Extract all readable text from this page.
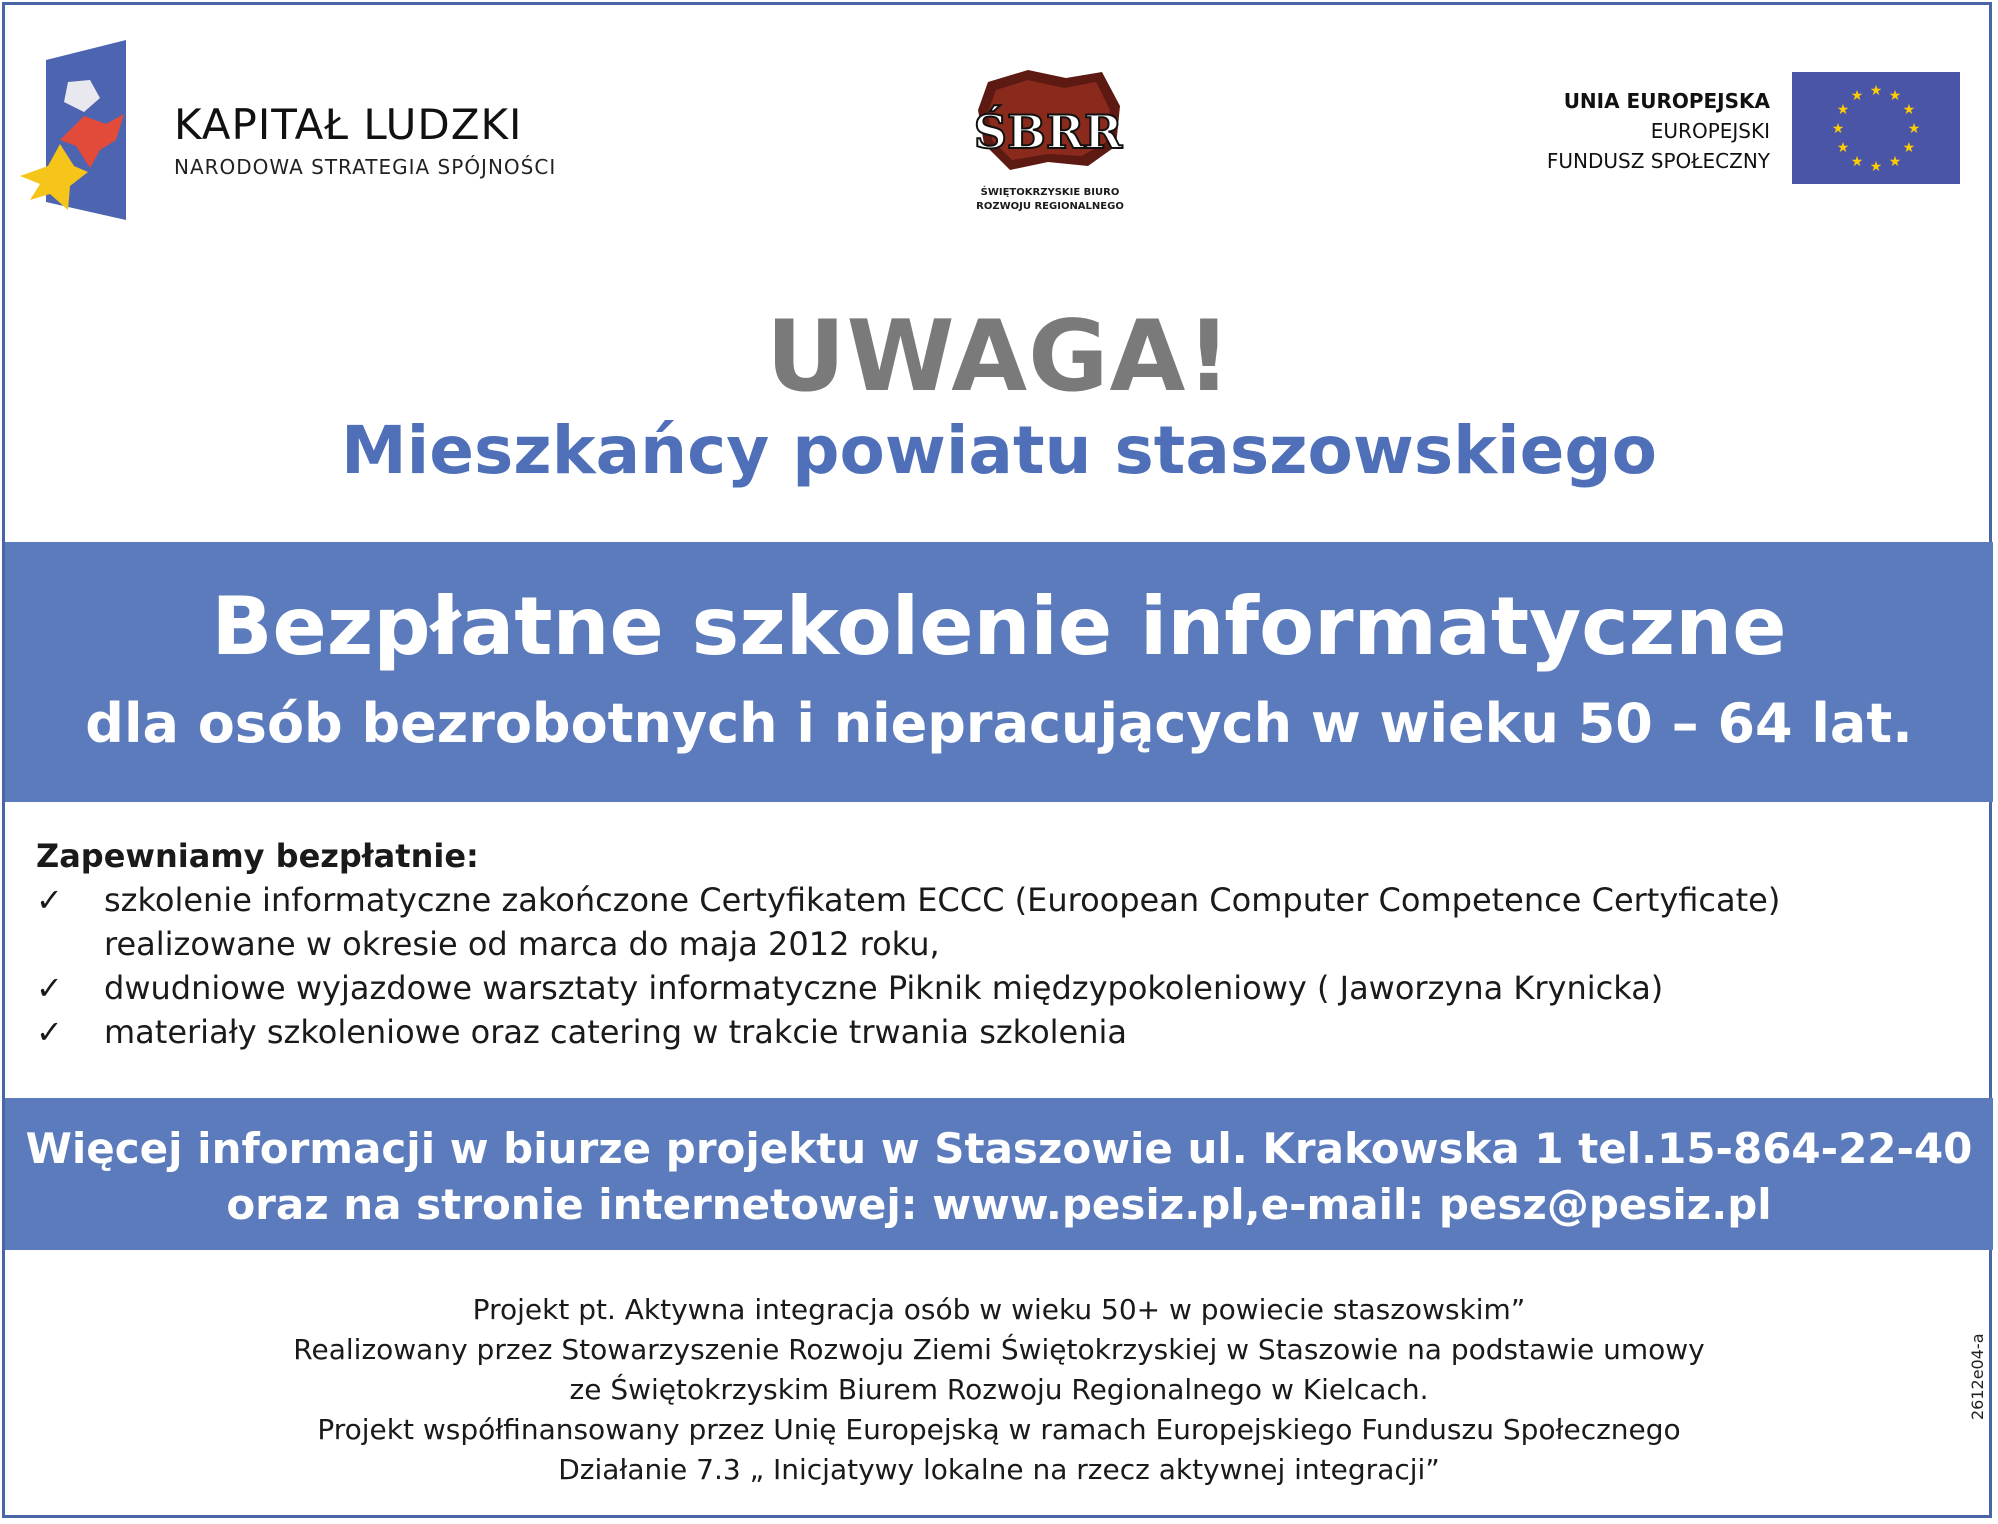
KAPITAŁ LUDZKI
NARODOWA STRATEGIA SPÓJNOŚCI
ŚBRR
ŚWIĘTOKRZYSKIE BIURO
ROZWOJU REGIONALNEGO
UNIA EUROPEJSKA
EUROPEJSKI
FUNDUSZ SPOŁECZNY
★ ★
★
★
★
★
★
★
★
★
★
★
UWAGA!
Mieszkańcy powiatu staszowskiego
Bezpłatne szkolenie informatyczne
dla osób bezrobotnych i niepracujących w wieku 50 – 64 lat.
Zapewniamy bezpłatnie:
✓	szkolenie informatyczne zakończone Certyfikatem ECCC (Euroopean Computer Competence Certyficate)
realizowane w okresie od marca do maja 2012 roku,
✓	dwudniowe wyjazdowe warsztaty informatyczne Piknik międzypokoleniowy ( Jaworzyna Krynicka)
✓	materiały szkoleniowe oraz catering w trakcie trwania szkolenia
Więcej informacji w biurze projektu w Staszowie ul. Krakowska 1 tel.15-864-22-40
oraz na stronie internetowej: www.pesiz.pl,e-mail: pesz@pesiz.pl
Projekt pt. Aktywna integracja osób w wieku 50+ w powiecie staszowskim”
Realizowany przez Stowarzyszenie Rozwoju Ziemi Świętokrzyskiej w Staszowie na podstawie umowy
ze Świętokrzyskim Biurem Rozwoju Regionalnego w Kielcach.
Projekt współfinansowany przez Unię Europejską w ramach Europejskiego Funduszu Społecznego
Działanie 7.3 „ Inicjatywy lokalne na rzecz aktywnej integracji”
2612e04-a
